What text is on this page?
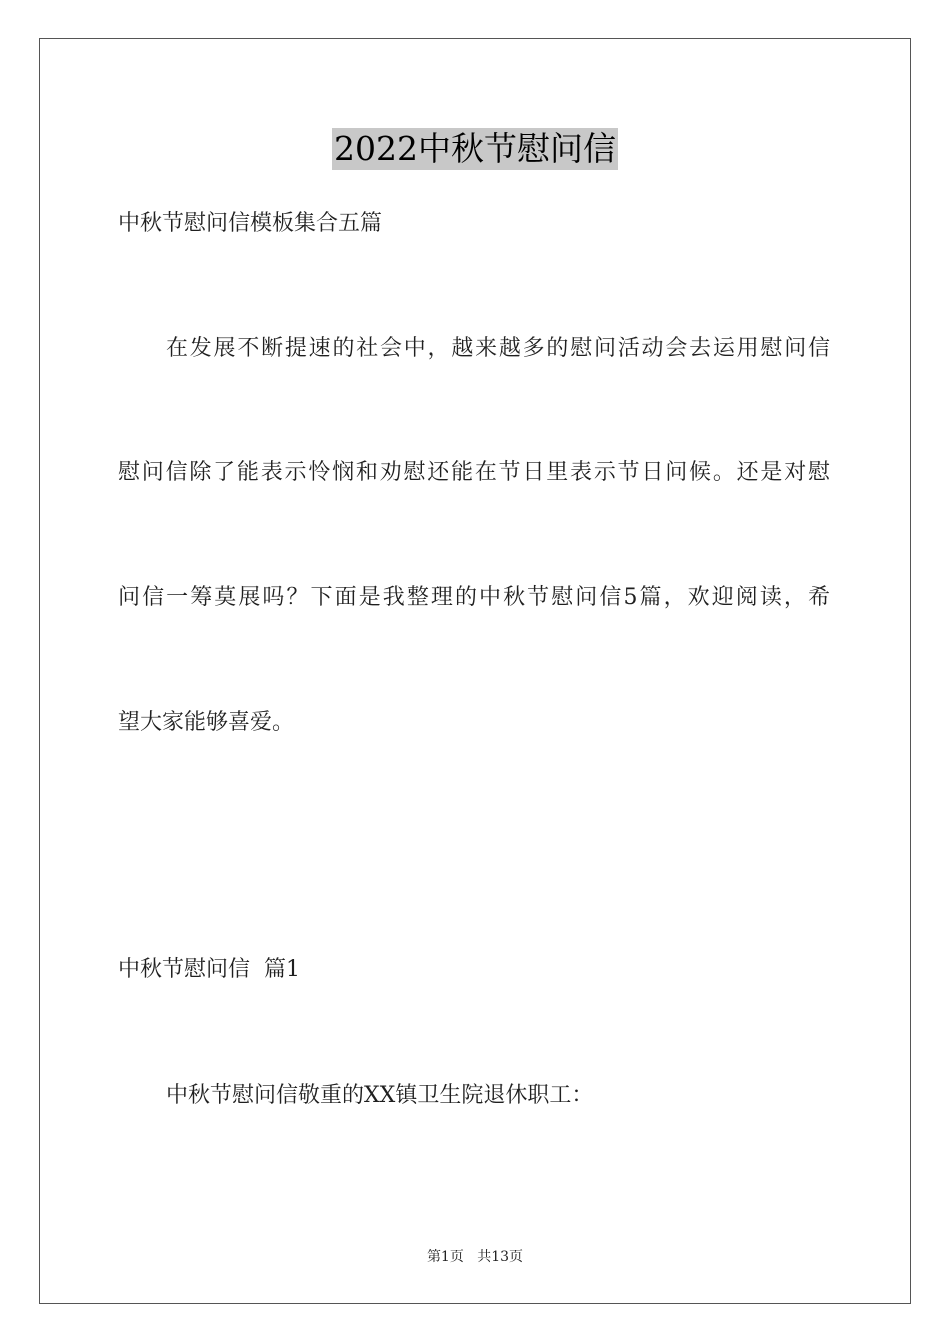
2022中秋节慰问信
中秋节慰问信模板集合五篇
在发展不断提速的社会中，越来越多的慰问活动会去运用慰问信
慰问信除了能表示怜悯和劝慰还能在节日里表示节日问候。还是对慰
问信一筹莫展吗？下面是我整理的中秋节慰问信5篇，欢迎阅读，希
望大家能够喜爱。
中秋节慰问信  篇1
中秋节慰问信敬重的XX镇卫生院退休职工：
第1页 共13页
